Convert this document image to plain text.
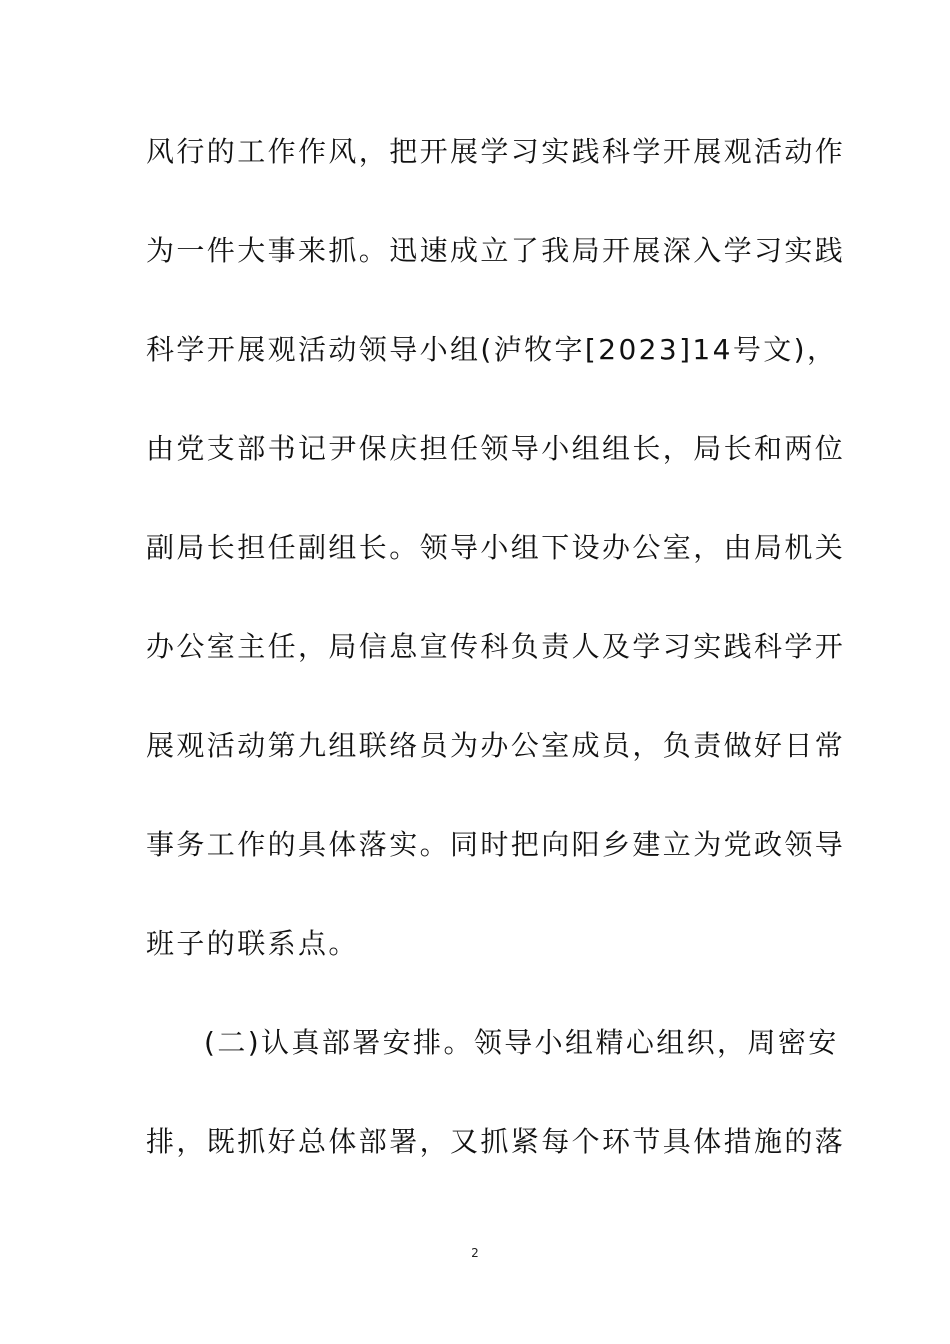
风行的工作作风，把开展学习实践科学开展观活动作
为一件大事来抓。迅速成立了我局开展深入学习实践
科学开展观活动领导小组(泸牧字[2023]14号文)，
由党支部书记尹保庆担任领导小组组长，局长和两位
副局长担任副组长。领导小组下设办公室，由局机关
办公室主任，局信息宣传科负责人及学习实践科学开
展观活动第九组联络员为办公室成员，负责做好日常
事务工作的具体落实。同时把向阳乡建立为党政领导
班子的联系点。
(二)认真部署安排。领导小组精心组织，周密安
排，既抓好总体部署，又抓紧每个环节具体措施的落
2
